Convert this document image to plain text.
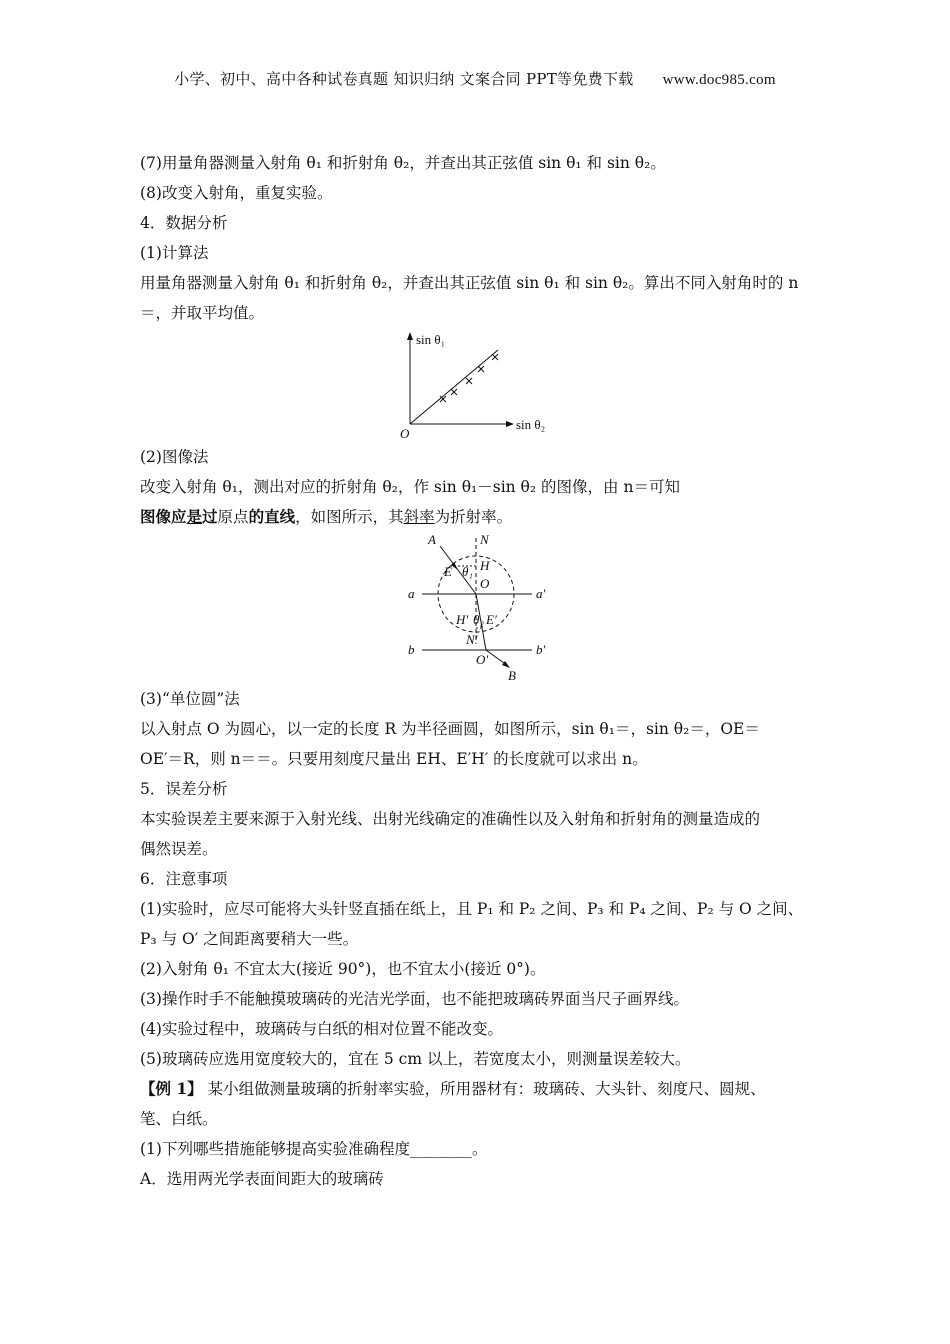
小学、初中、高中各种试卷真题 知识归纳 文案合同 PPT等免费下载 www.doc985.com

(7)用量角器测量入射角 θ₁ 和折射角 θ₂，并查出其正弦值 sin θ₁ 和 sin θ₂。

(8)改变入射角，重复实验。

4．数据分析

(1)计算法

用量角器测量入射角 θ₁ 和折射角 θ₂，并查出其正弦值 sin θ₁ 和 sin θ₂。算出不同入射角时的 n

＝，并取平均值。

sin θ₁
sin θ₂
O

(2)图像法

改变入射角 θ₁，测出对应的折射角 θ₂，作 sin θ₁－sin θ₂ 的图像，由 n＝可知

图像应是过原点的直线，如图所示，其斜率为折射率。

A	N
E θ₁ H
O
a	a′
H′ θ₂ E′
N′
b	b′
O′
B

(3)“单位圆”法

以入射点 O 为圆心，以一定的长度 R 为半径画圆，如图所示，sin θ₁＝，sin θ₂＝，OE＝

OE′＝R，则 n＝＝。只要用刻度尺量出 EH、E′H′ 的长度就可以求出 n。

5．误差分析

本实验误差主要来源于入射光线、出射光线确定的准确性以及入射角和折射角的测量造成的

偶然误差。

6．注意事项

(1)实验时，应尽可能将大头针竖直插在纸上，且 P₁ 和 P₂ 之间、P₃ 和 P₄ 之间、P₂ 与 O 之间、

P₃ 与 O′ 之间距离要稍大一些。

(2)入射角 θ₁ 不宜太大(接近 90°)，也不宜太小(接近 0°)。

(3)操作时手不能触摸玻璃砖的光洁光学面，也不能把玻璃砖界面当尺子画界线。

(4)实验过程中，玻璃砖与白纸的相对位置不能改变。

(5)玻璃砖应选用宽度较大的，宜在 5 cm 以上，若宽度太小，则测量误差较大。

【例 1】 某小组做测量玻璃的折射率实验，所用器材有：玻璃砖、大头针、刻度尺、圆规、

笔、白纸。

(1)下列哪些措施能够提高实验准确程度________。

A．选用两光学表面间距大的玻璃砖
